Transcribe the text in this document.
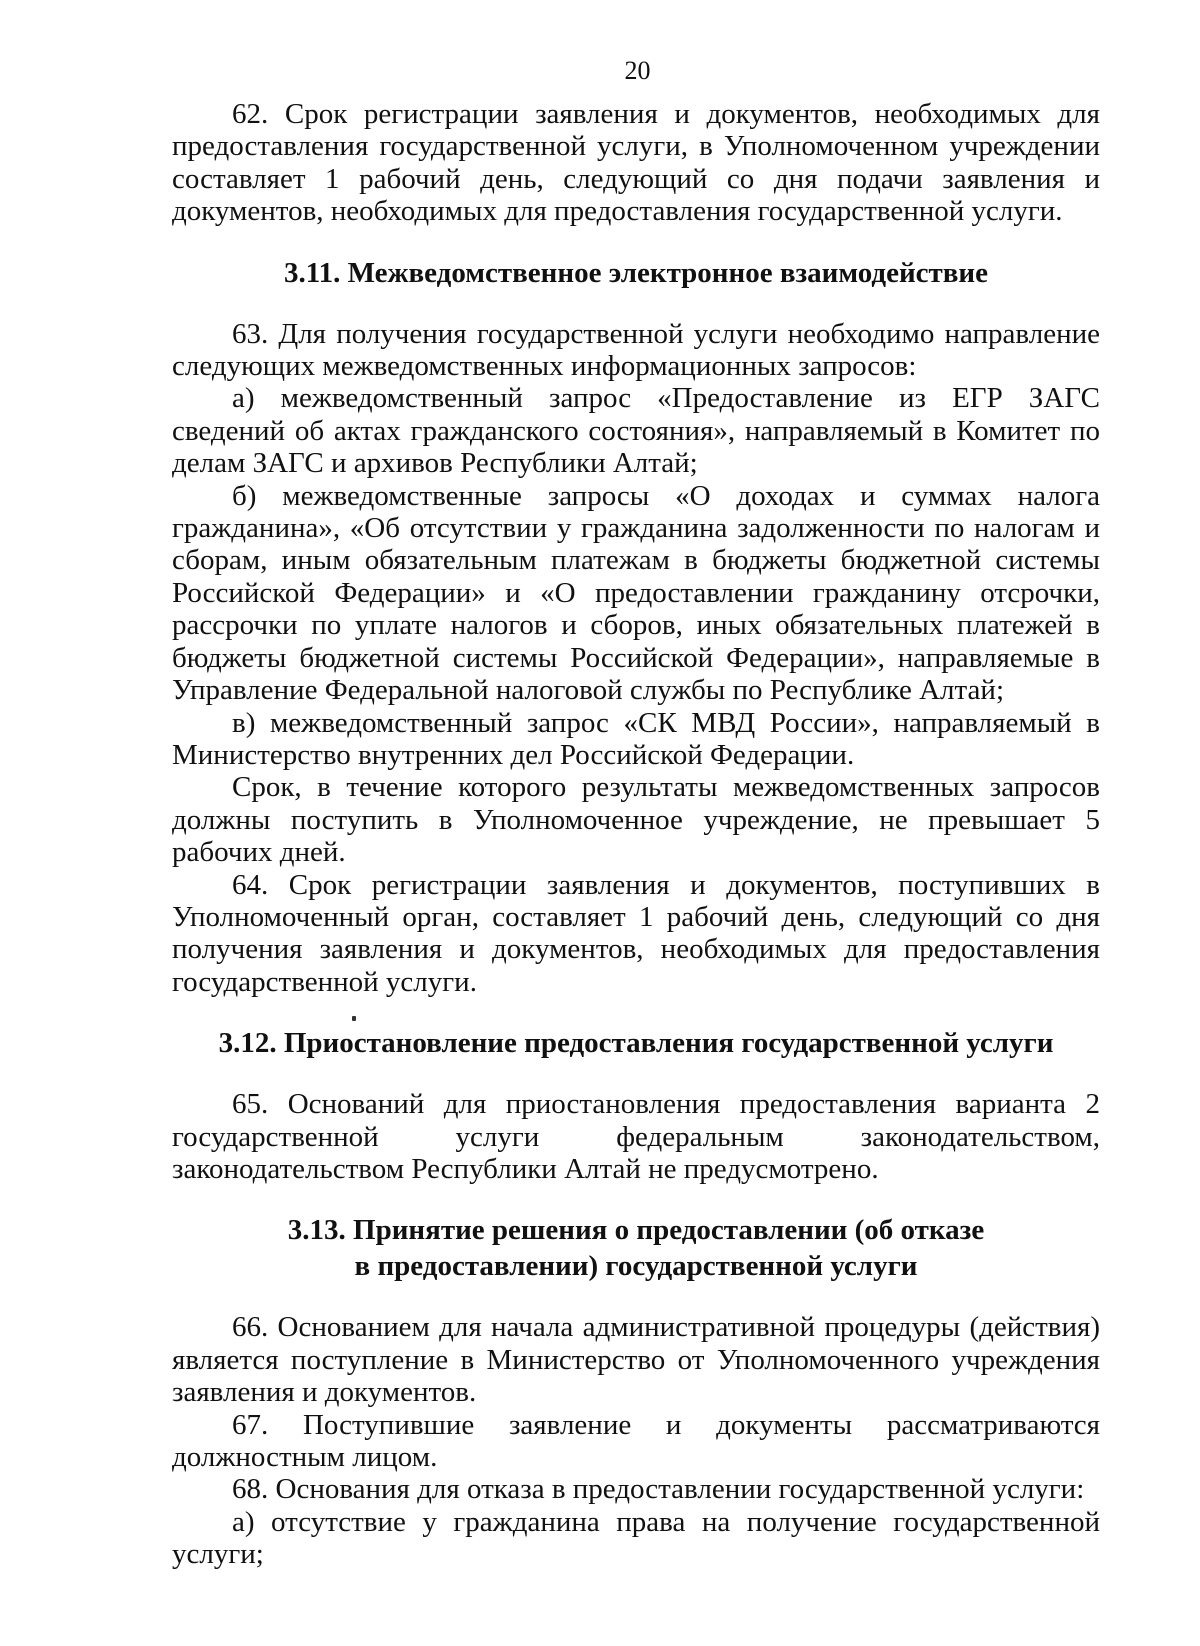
20

62. Срок регистрации заявления и документов, необходимых для предоставления государственной услуги, в Уполномоченном учреждении составляет 1 рабочий день, следующий со дня подачи заявления и документов, необходимых для предоставления государственной услуги.

3.11. Межведомственное электронное взаимодействие

63. Для получения государственной услуги необходимо направление следующих межведомственных информационных запросов:

а) межведомственный запрос «Предоставление из ЕГР ЗАГС сведений об актах гражданского состояния», направляемый в Комитет по делам ЗАГС и архивов Республики Алтай;

б) межведомственные запросы «О доходах и суммах налога гражданина», «Об отсутствии у гражданина задолженности по налогам и сборам, иным обязательным платежам в бюджеты бюджетной системы Российской Федерации» и «О предоставлении гражданину отсрочки, рассрочки по уплате налогов и сборов, иных обязательных платежей в бюджеты бюджетной системы Российской Федерации», направляемые в Управление Федеральной налоговой службы по Республике Алтай;

в) межведомственный запрос «СК МВД России», направляемый в Министерство внутренних дел Российской Федерации.

Срок, в течение которого результаты межведомственных запросов должны поступить в Уполномоченное учреждение, не превышает 5 рабочих дней.

64. Срок регистрации заявления и документов, поступивших в Уполномоченный орган, составляет 1 рабочий день, следующий со дня получения заявления и документов, необходимых для предоставления государственной услуги.

3.12. Приостановление предоставления государственной услуги

65. Оснований для приостановления предоставления варианта 2 государственной услуги федеральным законодательством, законодательством Республики Алтай не предусмотрено.

3.13. Принятие решения о предоставлении (об отказе
в предоставлении) государственной услуги

66. Основанием для начала административной процедуры (действия) является поступление в Министерство от Уполномоченного учреждения заявления и документов.

67. Поступившие заявление и документы рассматриваются должностным лицом.

68. Основания для отказа в предоставлении государственной услуги:

а) отсутствие у гражданина права на получение государственной услуги;
